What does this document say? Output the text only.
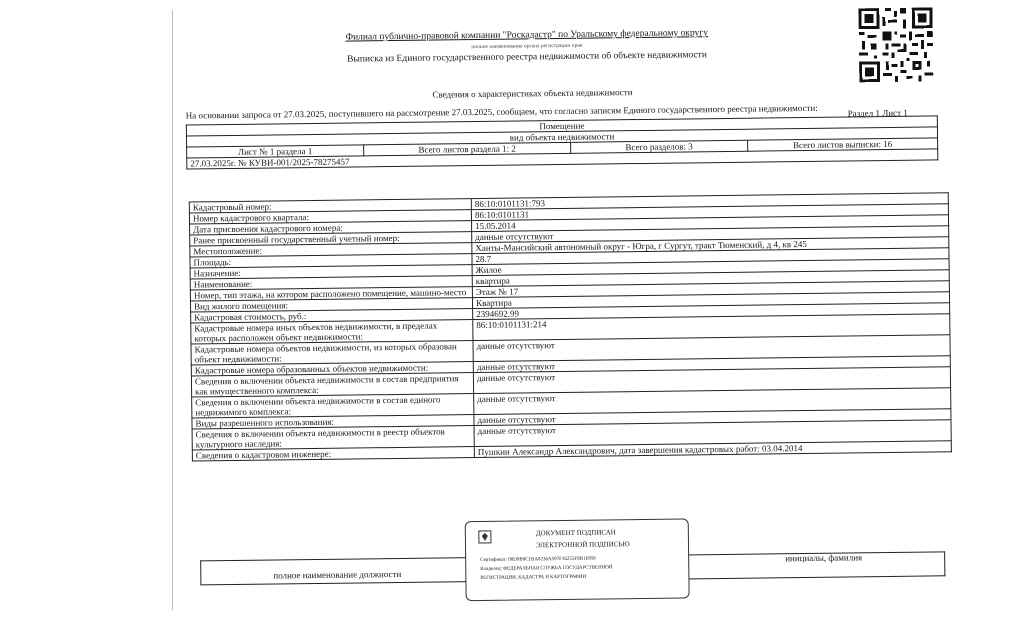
Филиал публично-правовой компании "Роскадастр" по Уральскому федеральному округу
полное наименование органа регистрации прав
Выписка из Единого государственного реестра недвижимости об объекте недвижимости
Сведения о характеристиках объекта недвижимости
На основании запроса от 27.03.2025, поступившего на рассмотрение 27.03.2025, сообщаем, что согласно записям Единого государственного реестра недвижимости:	Раздел 1 Лист 1
Помещение
вид объекта недвижимости
Лист № 1 раздела 1	Всего листов раздела 1: 2	Всего разделов: 3	Всего листов выписки: 16
27.03.2025г. № КУВИ-001/2025-78275457
Кадастровый номер:	86:10:0101131:793
Номер кадастрового квартала:	86:10:0101131
Дата присвоения кадастрового номера:	15.05.2014
Ранее присвоенный государственный учетный номер:	данные отсутствуют
Местоположение:	Ханты-Мансийский автономный округ - Югра, г Сургут, тракт Тюменский, д 4, кв 245
Площадь:	28.7
Назначение:	Жилое
Наименование:	квартира
Номер, тип этажа, на котором расположено помещение, машино-место	Этаж № 17
Вид жилого помещения:	Квартира
Кадастровая стоимость, руб.:	2394692.99
Кадастровые номера иных объектов недвижимости, в пределах которых расположен объект недвижимости:	86:10:0101131:214
Кадастровые номера объектов недвижимости, из которых образован объект недвижимости:	данные отсутствуют
Кадастровые номера образованных объектов недвижимости:	данные отсутствуют
Сведения о включении объекта недвижимости в состав предприятия как имущественного комплекса:	данные отсутствуют
Сведения о включении объекта недвижимости в состав единого недвижимого комплекса:	данные отсутствуют
Виды разрешенного использования:	данные отсутствуют
Сведения о включении объекта недвижимости в реестр объектов культурного наследия:	данные отсутствуют
Сведения о кадастровом инженере:	Пушкин Александр Александрович, дата завершения кадастровых работ: 03.04.2014
полное наименование должности
инициалы, фамилия
ДОКУМЕНТ ПОДПИСАН
ЭЛЕКТРОННОЙ ПОДПИСЬЮ
Сертификат: 00D9B0C1BA8236A597F16255F9B1F858
Владелец: ФЕДЕРАЛЬНАЯ СЛУЖБА ГОСУДАРСТВЕННОЙ
РЕГИСТРАЦИИ, КАДАСТРА И КАРТОГРАФИИ
